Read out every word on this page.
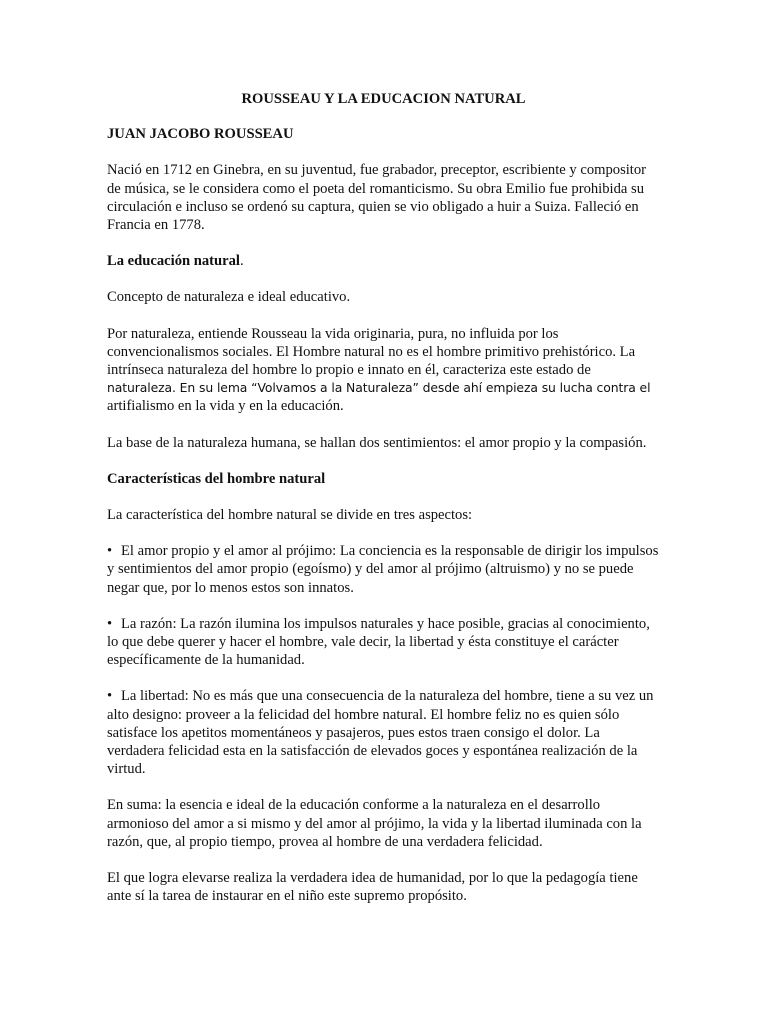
ROUSSEAU Y LA EDUCACION NATURAL
JUAN JACOBO ROUSSEAU

Nació en 1712 en Ginebra, en su juventud, fue grabador, preceptor, escribiente y compositor de música, se le considera como el poeta del romanticismo. Su obra Emilio fue prohibida su circulación e incluso se ordenó su captura, quien se vio obligado a huir a Suiza. Falleció en Francia en 1778.

La educación natural.

Concepto de naturaleza e ideal educativo.

Por naturaleza, entiende Rousseau la vida originaria, pura, no influida por los convencionalismos sociales. El Hombre natural no es el hombre primitivo prehistórico. La intrínseca naturaleza del hombre lo propio e innato en él, caracteriza este estado de naturaleza. En su lema “Volvamos a la Naturaleza” desde ahí empieza su lucha contra el artifialismo en la vida y en la educación.

La base de la naturaleza humana, se hallan dos sentimientos: el amor propio y la compasión.

Características del hombre natural

La característica del hombre natural se divide en tres aspectos:

• El amor propio y el amor al prójimo: La conciencia es la responsable de dirigir los impulsos y sentimientos del amor propio (egoísmo) y del amor al prójimo (altruismo) y no se puede negar que, por lo menos estos son innatos.
• La razón: La razón ilumina los impulsos naturales y hace posible, gracias al conocimiento, lo que debe querer y hacer el hombre, vale decir, la libertad y ésta constituye el carácter específicamente de la humanidad.
• La libertad: No es más que una consecuencia de la naturaleza del hombre, tiene a su vez un alto designo: proveer a la felicidad del hombre natural. El hombre feliz no es quien sólo satisface los apetitos momentáneos y pasajeros, pues estos traen consigo el dolor. La verdadera felicidad esta en la satisfacción de elevados goces y espontánea realización de la virtud.

En suma: la esencia e ideal de la educación conforme a la naturaleza en el desarrollo armonioso del amor a si mismo y del amor al prójimo, la vida y la libertad iluminada con la razón, que, al propio tiempo, provea al hombre de una verdadera felicidad.

El que logra elevarse realiza la verdadera idea de humanidad, por lo que la pedagogía tiene ante sí la tarea de instaurar en el niño este supremo propósito.
